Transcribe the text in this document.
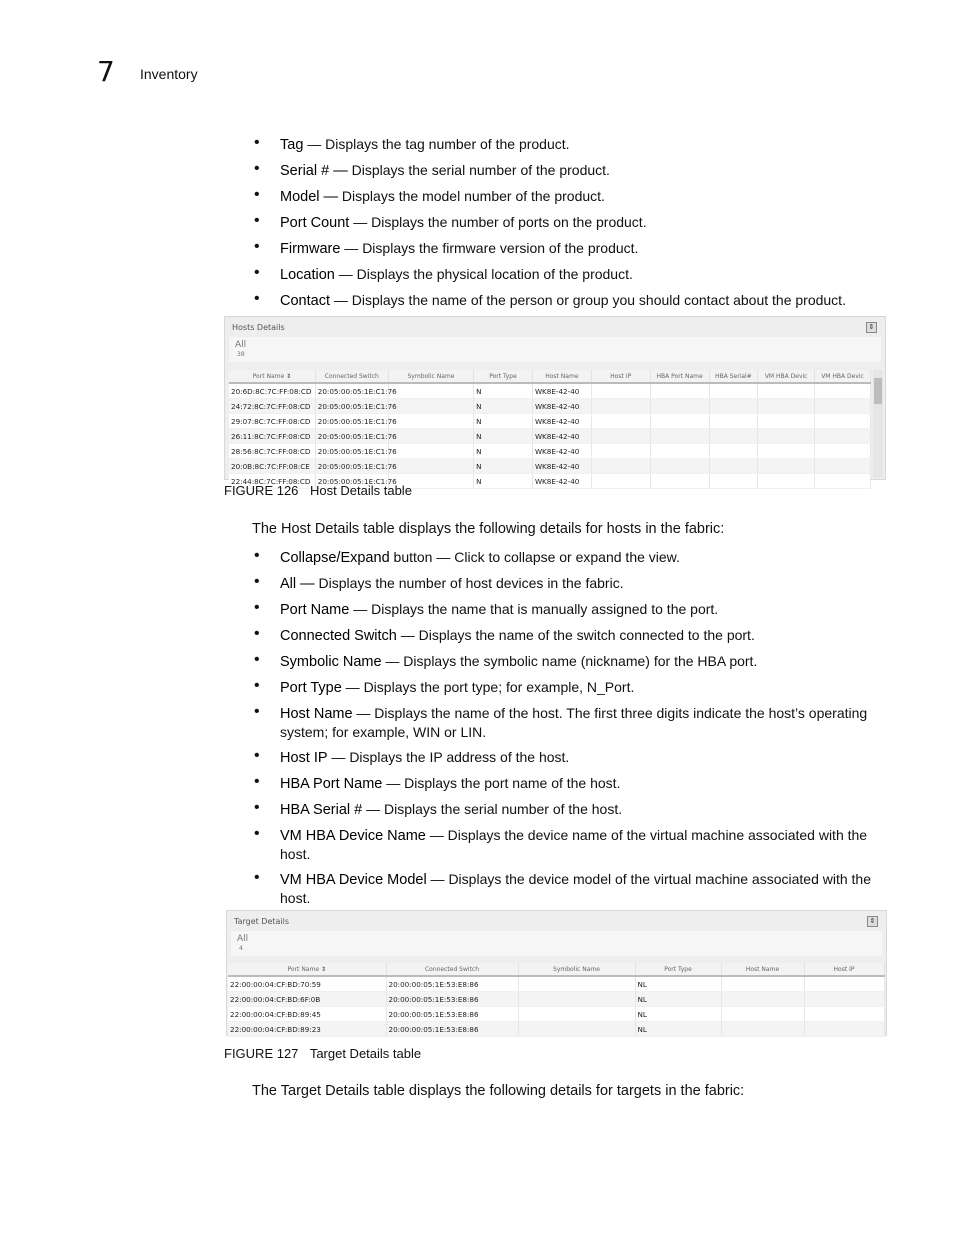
7 Inventory
• Tag — Displays the tag number of the product.
• Serial # — Displays the serial number of the product.
• Model — Displays the model number of the product.
• Port Count — Displays the number of ports on the product.
• Firmware — Displays the firmware version of the product.
• Location — Displays the physical location of the product.
• Contact — Displays the name of the person or group you should contact about the product.
Hosts Details	⇕
All
38
Port Name ⇕	Connected Switch	Symbolic Name	Port Type	Host Name	Host IP	HBA Port Name	HBA Serial#	VM HBA Devic	VM HBA Devic
20:6D:8C:7C:FF:08:CD	20:05:00:05:1E:C1:76		N	WK8E-42-40					
24:72:8C:7C:FF:08:CD	20:05:00:05:1E:C1:76		N	WK8E-42-40					
29:07:8C:7C:FF:08:CD	20:05:00:05:1E:C1:76		N	WK8E-42-40					
26:11:8C:7C:FF:08:CD	20:05:00:05:1E:C1:76		N	WK8E-42-40					
28:56:8C:7C:FF:08:CD	20:05:00:05:1E:C1:76		N	WK8E-42-40					
20:0B:8C:7C:FF:08:CE	20:05:00:05:1E:C1:76		N	WK8E-42-40					
22:44:8C:7C:FF:08:CD	20:05:00:05:1E:C1:76		N	WK8E-42-40					
FIGURE 126 Host Details table
The Host Details table displays the following details for hosts in the fabric:
• Collapse/Expand button — Click to collapse or expand the view.
• All — Displays the number of host devices in the fabric.
• Port Name — Displays the name that is manually assigned to the port.
• Connected Switch — Displays the name of the switch connected to the port.
• Symbolic Name — Displays the symbolic name (nickname) for the HBA port.
• Port Type — Displays the port type; for example, N_Port.
• Host Name — Displays the name of the host. The first three digits indicate the host’s operating system; for example, WIN or LIN.
• Host IP — Displays the IP address of the host.
• HBA Port Name — Displays the port name of the host.
• HBA Serial # — Displays the serial number of the host.
• VM HBA Device Name — Displays the device name of the virtual machine associated with the host.
• VM HBA Device Model — Displays the device model of the virtual machine associated with the host.
Target Details	⇕
All
4
Port Name ⇕	Connected Switch	Symbolic Name	Port Type	Host Name	Host IP
22:00:00:04:CF:BD:70:59	20:00:00:05:1E:53:E8:86		NL		
22:00:00:04:CF:BD:6F:0B	20:00:00:05:1E:53:E8:86		NL		
22:00:00:04:CF:BD:89:45	20:00:00:05:1E:53:E8:86		NL		
22:00:00:04:CF:BD:89:23	20:00:00:05:1E:53:E8:86		NL		
FIGURE 127 Target Details table
The Target Details table displays the following details for targets in the fabric:
